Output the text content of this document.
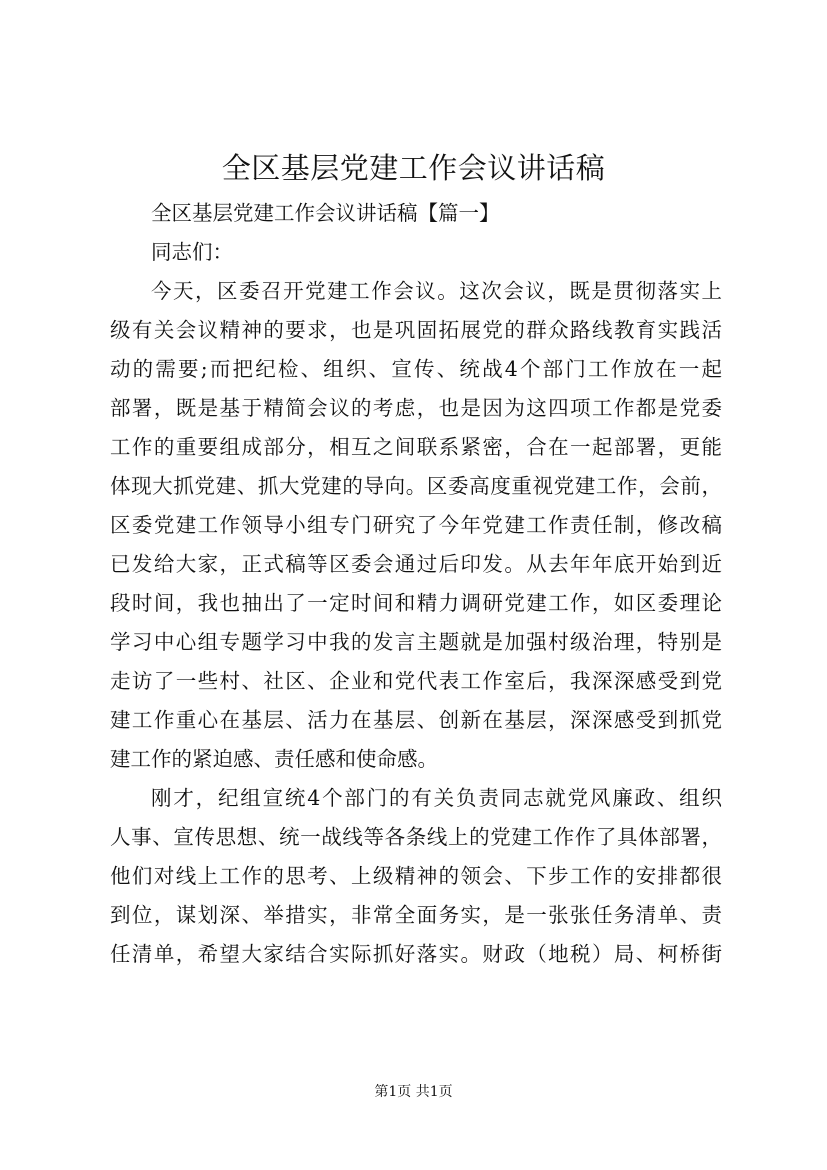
全区基层党建工作会议讲话稿
全区基层党建工作会议讲话稿【篇一】
同志们：
今天，区委召开党建工作会议。这次会议，既是贯彻落实上
级有关会议精神的要求，也是巩固拓展党的群众路线教育实践活
动的需要;而把纪检、组织、宣传、统战4个部门工作放在一起
部署，既是基于精简会议的考虑，也是因为这四项工作都是党委
工作的重要组成部分，相互之间联系紧密，合在一起部署，更能
体现大抓党建、抓大党建的导向。区委高度重视党建工作，会前，
区委党建工作领导小组专门研究了今年党建工作责任制，修改稿
已发给大家，正式稿等区委会通过后印发。从去年年底开始到近
段时间，我也抽出了一定时间和精力调研党建工作，如区委理论
学习中心组专题学习中我的发言主题就是加强村级治理，特别是
走访了一些村、社区、企业和党代表工作室后，我深深感受到党
建工作重心在基层、活力在基层、创新在基层，深深感受到抓党
建工作的紧迫感、责任感和使命感。
刚才，纪组宣统4个部门的有关负责同志就党风廉政、组织
人事、宣传思想、统一战线等各条线上的党建工作作了具体部署，
他们对线上工作的思考、上级精神的领会、下步工作的安排都很
到位，谋划深、举措实，非常全面务实，是一张张任务清单、责
任清单，希望大家结合实际抓好落实。财政（地税）局、柯桥街
第1页 共1页
